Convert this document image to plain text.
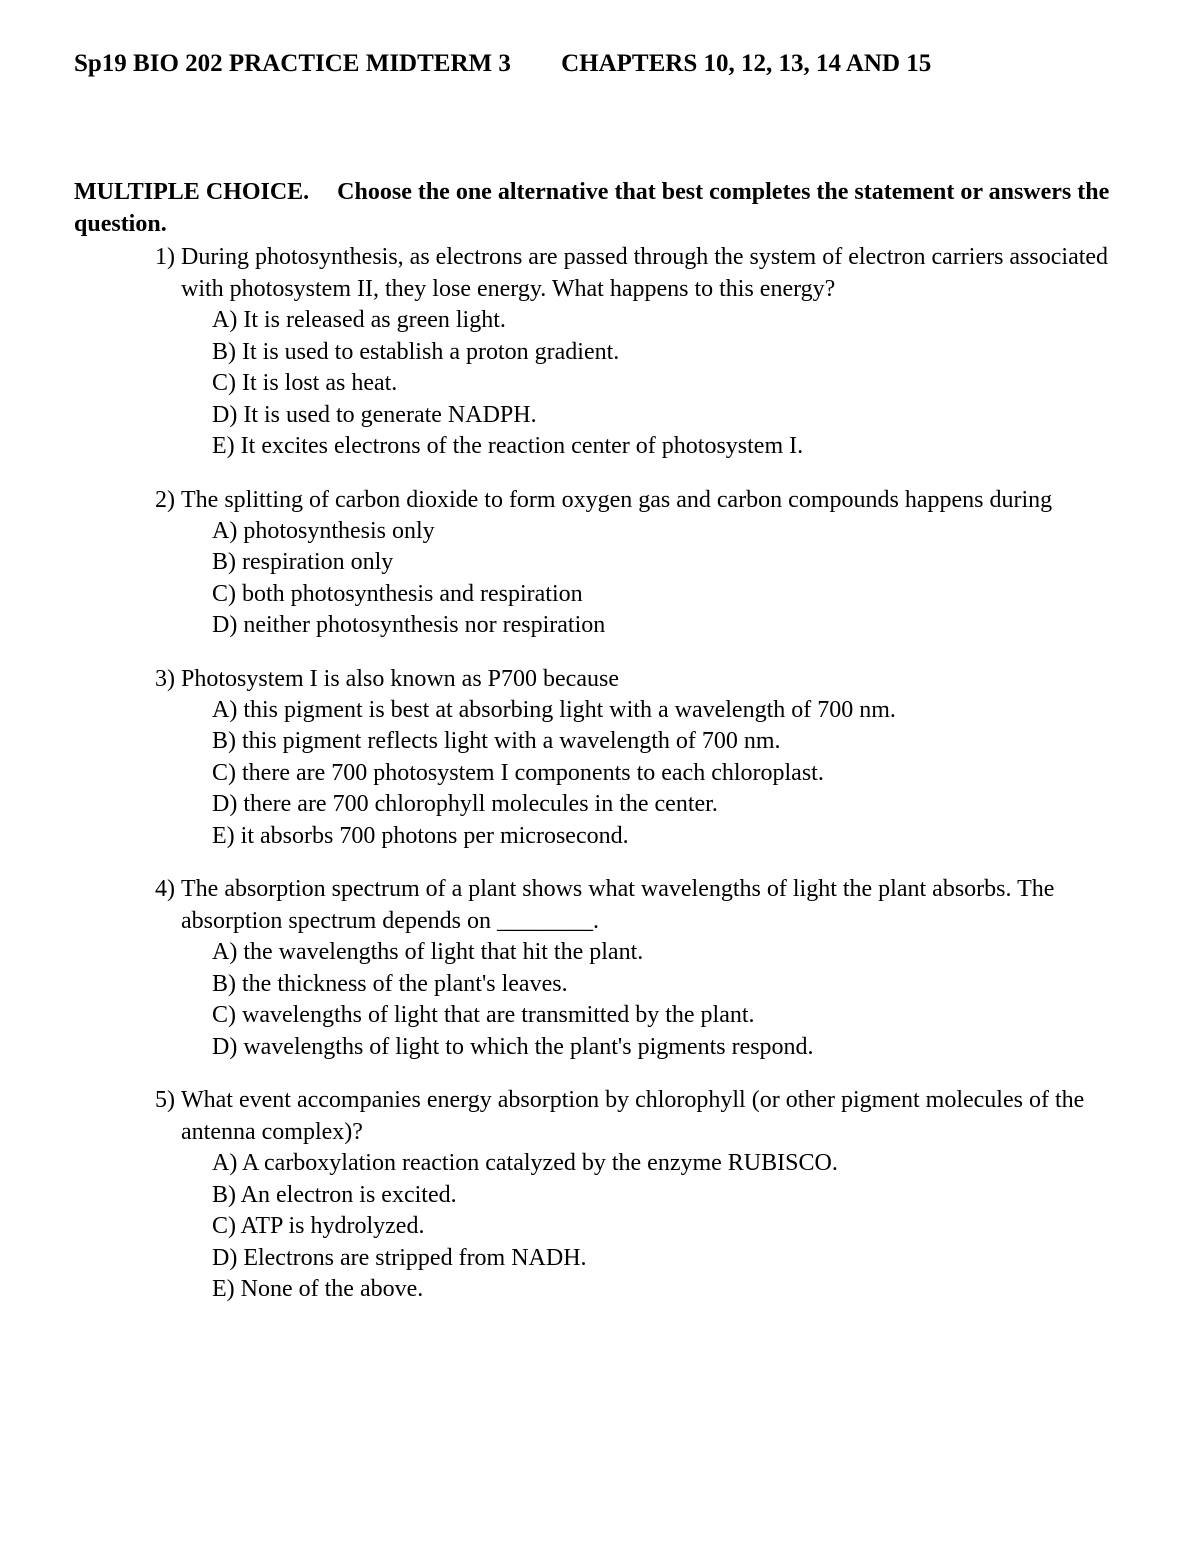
Sp19 BIO 202 PRACTICE MIDTERM 3 CHAPTERS 10, 12, 13, 14 AND 15
MULTIPLE CHOICE. Choose the one alternative that best completes the statement or answers the question.
1) During photosynthesis, as electrons are passed through the system of electron carriers associated with photosystem II, they lose energy. What happens to this energy?
A) It is released as green light.
B) It is used to establish a proton gradient.
C) It is lost as heat.
D) It is used to generate NADPH.
E) It excites electrons of the reaction center of photosystem I.
2) The splitting of carbon dioxide to form oxygen gas and carbon compounds happens during
A) photosynthesis only
B) respiration only
C) both photosynthesis and respiration
D) neither photosynthesis nor respiration
3) Photosystem I is also known as P700 because
A) this pigment is best at absorbing light with a wavelength of 700 nm.
B) this pigment reflects light with a wavelength of 700 nm.
C) there are 700 photosystem I components to each chloroplast.
D) there are 700 chlorophyll molecules in the center.
E) it absorbs 700 photons per microsecond.
4) The absorption spectrum of a plant shows what wavelengths of light the plant absorbs. The absorption spectrum depends on ________.
A) the wavelengths of light that hit the plant.
B) the thickness of the plant's leaves.
C) wavelengths of light that are transmitted by the plant.
D) wavelengths of light to which the plant's pigments respond.
5) What event accompanies energy absorption by chlorophyll (or other pigment molecules of the antenna complex)?
A) A carboxylation reaction catalyzed by the enzyme RUBISCO.
B) An electron is excited.
C) ATP is hydrolyzed.
D) Electrons are stripped from NADH.
E) None of the above.
